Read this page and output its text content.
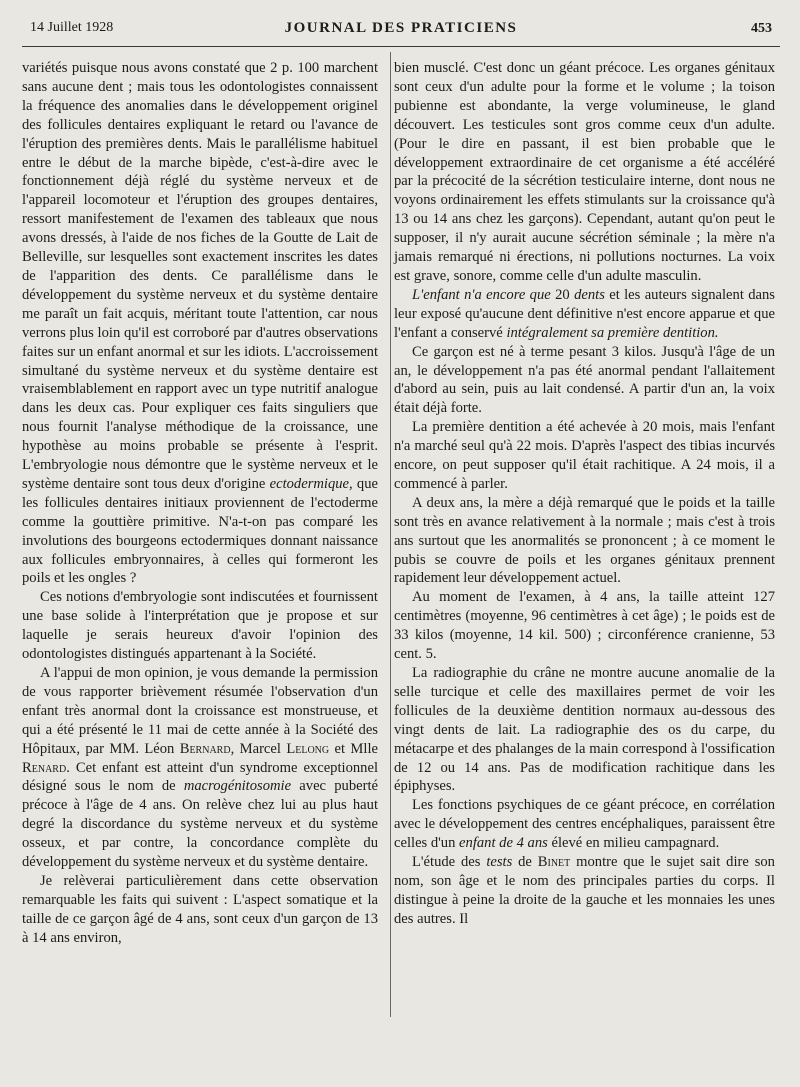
14 Juillet 1928	JOURNAL DES PRATICIENS	453

variétés puisque nous avons constaté que 2 p. 100 marchent sans aucune dent ; mais tous les odontologistes connaissent la fréquence des anomalies dans le développement originel des follicules dentaires expliquant le retard ou l'avance de l'éruption des premières dents. Mais le parallélisme habituel entre le début de la marche bipède, c'est-à-dire avec le fonctionnement déjà réglé du système nerveux et de l'appareil locomoteur et l'éruption des groupes dentaires, ressort manifestement de l'examen des tableaux que nous avons dressés, à l'aide de nos fiches de la Goutte de Lait de Belleville, sur lesquelles sont exactement inscrites les dates de l'apparition des dents. Ce parallélisme dans le développement du système nerveux et du système dentaire me paraît un fait acquis, méritant toute l'attention, car nous verrons plus loin qu'il est corroboré par d'autres observations faites sur un enfant anormal et sur les idiots. L'accroissement simultané du système nerveux et du système dentaire est vraisemblablement en rapport avec un type nutritif analogue dans les deux cas. Pour expliquer ces faits singuliers que nous fournit l'analyse méthodique de la croissance, une hypothèse au moins probable se présente à l'esprit. L'embryologie nous démontre que le système nerveux et le système dentaire sont tous deux d'origine ectodermique, que les follicules dentaires initiaux proviennent de l'ectoderme comme la gouttière primitive. N'a-t-on pas comparé les involutions des bourgeons ectodermiques donnant naissance aux follicules embryonnaires, à celles qui formeront les poils et les ongles ?

Ces notions d'embryologie sont indiscutées et fournissent une base solide à l'interprétation que je propose et sur laquelle je serais heureux d'avoir l'opinion des odontologistes distingués appartenant à la Société.

A l'appui de mon opinion, je vous demande la permission de vous rapporter brièvement résumée l'observation d'un enfant très anormal dont la croissance est monstrueuse, et qui a été présenté le 11 mai de cette année à la Société des Hôpitaux, par MM. Léon Bernard, Marcel Lelong et Mlle Renard. Cet enfant est atteint d'un syndrome exceptionnel désigné sous le nom de macrogénitosomie avec puberté précoce à l'âge de 4 ans. On relève chez lui au plus haut degré la discordance du système nerveux et du système osseux, et par contre, la concordance complète du développement du système nerveux et du système dentaire.

Je relèverai particulièrement dans cette observation remarquable les faits qui suivent : L'aspect somatique et la taille de ce garçon âgé de 4 ans, sont ceux d'un garçon de 13 à 14 ans environ,

bien musclé. C'est donc un géant précoce. Les organes génitaux sont ceux d'un adulte pour la forme et le volume ; la toison pubienne est abondante, la verge volumineuse, le gland découvert. Les testicules sont gros comme ceux d'un adulte. (Pour le dire en passant, il est bien probable que le développement extraordinaire de cet organisme a été accéléré par la précocité de la sécrétion testiculaire interne, dont nous ne voyons ordinairement les effets stimulants sur la croissance qu'à 13 ou 14 ans chez les garçons). Cependant, autant qu'on peut le supposer, il n'y aurait aucune sécrétion séminale ; la mère n'a jamais remarqué ni érections, ni pollutions nocturnes. La voix est grave, sonore, comme celle d'un adulte masculin.

L'enfant n'a encore que 20 dents et les auteurs signalent dans leur exposé qu'aucune dent définitive n'est encore apparue et que l'enfant a conservé intégralement sa première dentition.

Ce garçon est né à terme pesant 3 kilos. Jusqu'à l'âge de un an, le développement n'a pas été anormal pendant l'allaitement d'abord au sein, puis au lait condensé. A partir d'un an, la voix était déjà forte.

La première dentition a été achevée à 20 mois, mais l'enfant n'a marché seul qu'à 22 mois. D'après l'aspect des tibias incurvés encore, on peut supposer qu'il était rachitique. A 24 mois, il a commencé à parler.

A deux ans, la mère a déjà remarqué que le poids et la taille sont très en avance relativement à la normale ; mais c'est à trois ans surtout que les anormalités se prononcent ; à ce moment le pubis se couvre de poils et les organes génitaux prennent rapidement leur développement actuel.

Au moment de l'examen, à 4 ans, la taille atteint 127 centimètres (moyenne, 96 centimètres à cet âge) ; le poids est de 33 kilos (moyenne, 14 kil. 500) ; circonférence cranienne, 53 cent. 5.

La radiographie du crâne ne montre aucune anomalie de la selle turcique et celle des maxillaires permet de voir les follicules de la deuxième dentition normaux au-dessous des vingt dents de lait. La radiographie des os du carpe, du métacarpe et des phalanges de la main correspond à l'ossification de 12 ou 14 ans. Pas de modification rachitique dans les épiphyses.

Les fonctions psychiques de ce géant précoce, en corrélation avec le développement des centres encéphaliques, paraissent être celles d'un enfant de 4 ans élevé en milieu campagnard.

L'étude des tests de Binet montre que le sujet sait dire son nom, son âge et le nom des principales parties du corps. Il distingue à peine la droite de la gauche et les monnaies les unes des autres. Il
